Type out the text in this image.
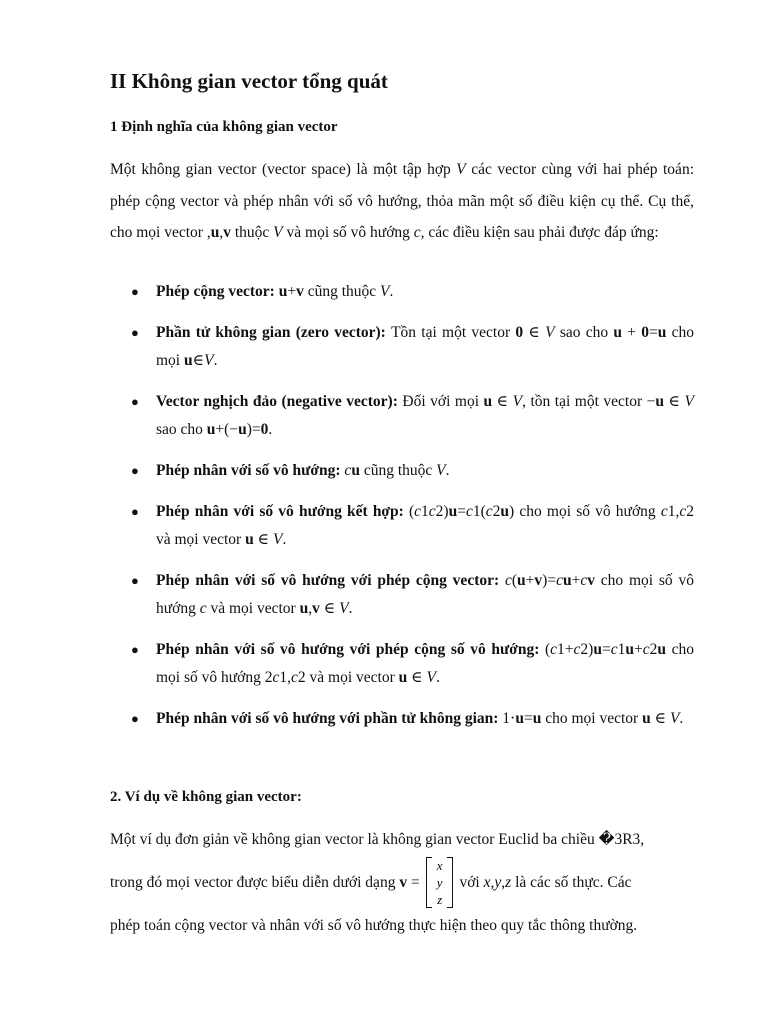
II Không gian vector tổng quát
1 Định nghĩa của không gian vector

Một không gian vector (vector space) là một tập hợp V các vector cùng với hai phép toán: phép cộng vector và phép nhân với số vô hướng, thỏa mãn một số điều kiện cụ thể. Cụ thể, cho mọi vector ,u,v thuộc V và mọi số vô hướng c, các điều kiện sau phải được đáp ứng:

● Phép cộng vector: u+v cũng thuộc V.
● Phần tử không gian (zero vector): Tồn tại một vector 0 ∈ V sao cho u + 0=u cho mọi u∈V.
● Vector nghịch đảo (negative vector): Đối với mọi u ∈ V, tồn tại một vector −u ∈ V sao cho u+(−u)=0.
● Phép nhân với số vô hướng: cu cũng thuộc V.
● Phép nhân với số vô hướng kết hợp: (c1c2)u=c1(c2u) cho mọi số vô hướng c1,c2 và mọi vector u ∈ V.
● Phép nhân với số vô hướng với phép cộng vector: c(u+v)=cu+cv cho mọi số vô hướng c và mọi vector u,v ∈ V.
● Phép nhân với số vô hướng với phép cộng số vô hướng: (c1+c2)u=c1u+c2u cho mọi số vô hướng 2c1,c2 và mọi vector u ∈ V.
● Phép nhân với số vô hướng với phần tử không gian: 1⋅u=u cho mọi vector u ∈ V.
2. Ví dụ về không gian vector:
Một ví dụ đơn giản về không gian vector là không gian vector Euclid ba chiều �3R3,
trong đó mọi vector được biểu diễn dưới dạng v =
x
y
z
với x,y,z là các số thực. Các
phép toán cộng vector và nhân với số vô hướng thực hiện theo quy tắc thông thường.
